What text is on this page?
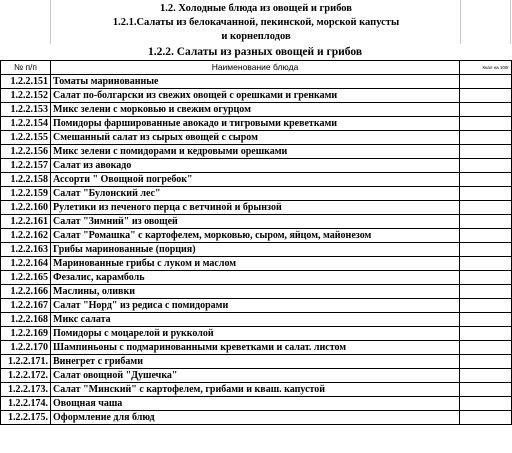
1.2. Холодные блюда из овощей и грибов
1.2.1.Салаты из белокачанной, пекинской, морской капусты
и корнеплодов
1.2.2. Салаты из разных овощей и грибов
№ п/п	Наименование блюда	Ккал на 100г
1.2.2.151	Томаты маринованные	
1.2.2.152	Салат по-болгарски из свежих овощей с орешками и гренками	
1.2.2.153	Микс зелени с морковью и свежим огурцом	
1.2.2.154	Помидоры фаршированные авокадо и тигровыми креветками	
1.2.2.155	Смешанный салат из сырых овощей с сыром	
1.2.2.156	Микс зелени с помидорами и кедровыми орешками	
1.2.2.157	Салат из авокадо	
1.2.2.158	Ассорти " Овощной погребок"	
1.2.2.159	Салат "Булонский лес"	
1.2.2.160	Рулетики из печеного перца с ветчиной и брынзой	
1.2.2.161	Салат "Зимний" из овощей	
1.2.2.162	Салат "Ромашка" с картофелем, морковью, сыром, яйцом, майонезом	
1.2.2.163	Грибы маринованные (порция)	
1.2.2.164	Маринованные грибы с луком и маслом	
1.2.2.165	Фезалис, карамболь	
1.2.2.166	Маслины, оливки	
1.2.2.167	Салат "Норд" из редиса с помидорами	
1.2.2.168	Микс салата	
1.2.2.169	Помидоры с моцарелой и рукколой	
1.2.2.170	Шампиньоны с подмаринованными креветками и салат. листом	
1.2.2.171.	Винегрет с грибами	
1.2.2.172.	Салат овощной "Душечка"	
1.2.2.173.	Салат "Минский" с картофелем, грибами и кваш. капустой	
1.2.2.174.	Овощная чаша	
1.2.2.175.	Оформление для блюд	
